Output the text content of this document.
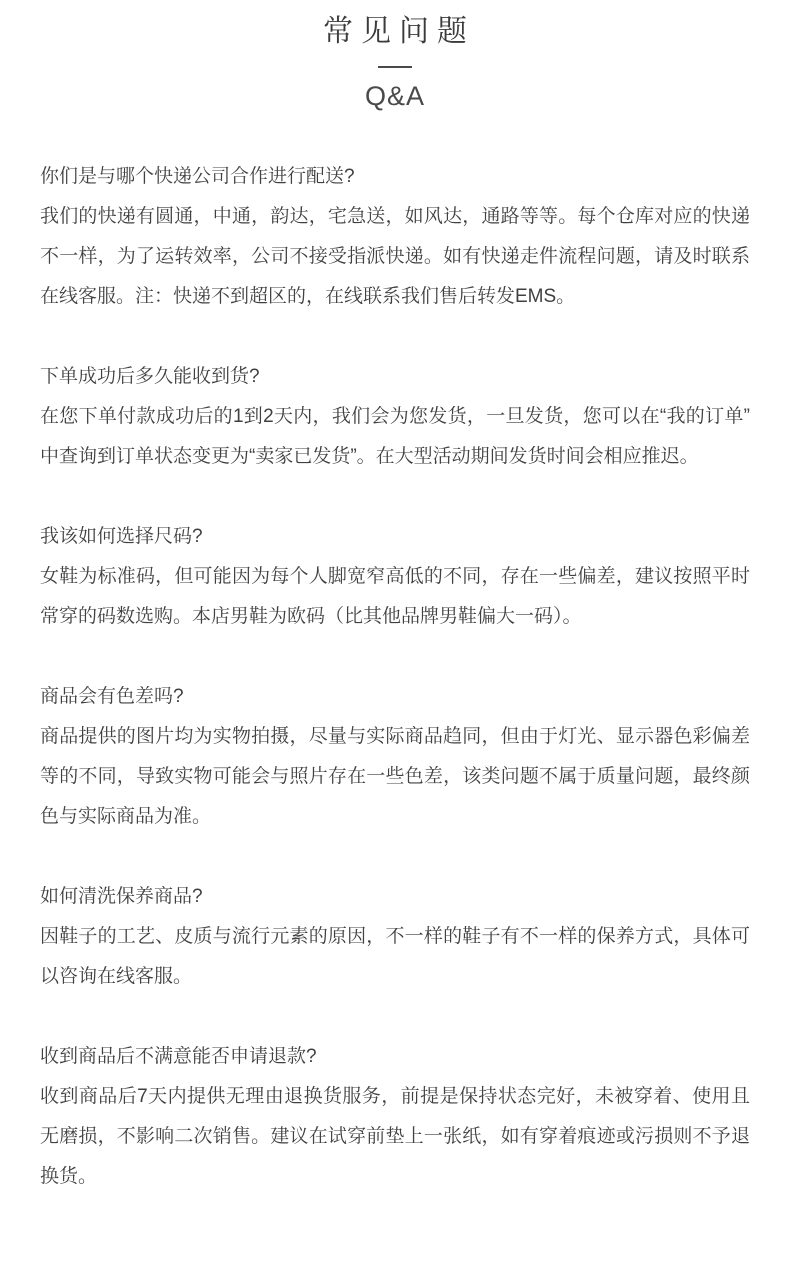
常见问题
Q&A

你们是与哪个快递公司合作进行配送?

我们的快递有圆通，中通，韵达，宅急送，如风达，通路等等。每个仓库对应的快递不一样，为了运转效率，公司不接受指派快递。如有快递走件流程问题，请及时联系在线客服。注：快递不到超区的，在线联系我们售后转发EMS。

下单成功后多久能收到货?

在您下单付款成功后的1到2天内，我们会为您发货，一旦发货，您可以在“我的订单”中查询到订单状态变更为“卖家已发货”。在大型活动期间发货时间会相应推迟。

我该如何选择尺码?

女鞋为标准码，但可能因为每个人脚宽窄高低的不同，存在一些偏差，建议按照平时常穿的码数选购。本店男鞋为欧码（比其他品牌男鞋偏大一码）。

商品会有色差吗?

商品提供的图片均为实物拍摄，尽量与实际商品趋同，但由于灯光、显示器色彩偏差等的不同，导致实物可能会与照片存在一些色差，该类问题不属于质量问题，最终颜色与实际商品为准。

如何清洗保养商品?

因鞋子的工艺、皮质与流行元素的原因，不一样的鞋子有不一样的保养方式，具体可以咨询在线客服。

收到商品后不满意能否申请退款?

收到商品后7天内提供无理由退换货服务，前提是保持状态完好，未被穿着、使用且无磨损，不影响二次销售。建议在试穿前垫上一张纸，如有穿着痕迹或污损则不予退换货。
